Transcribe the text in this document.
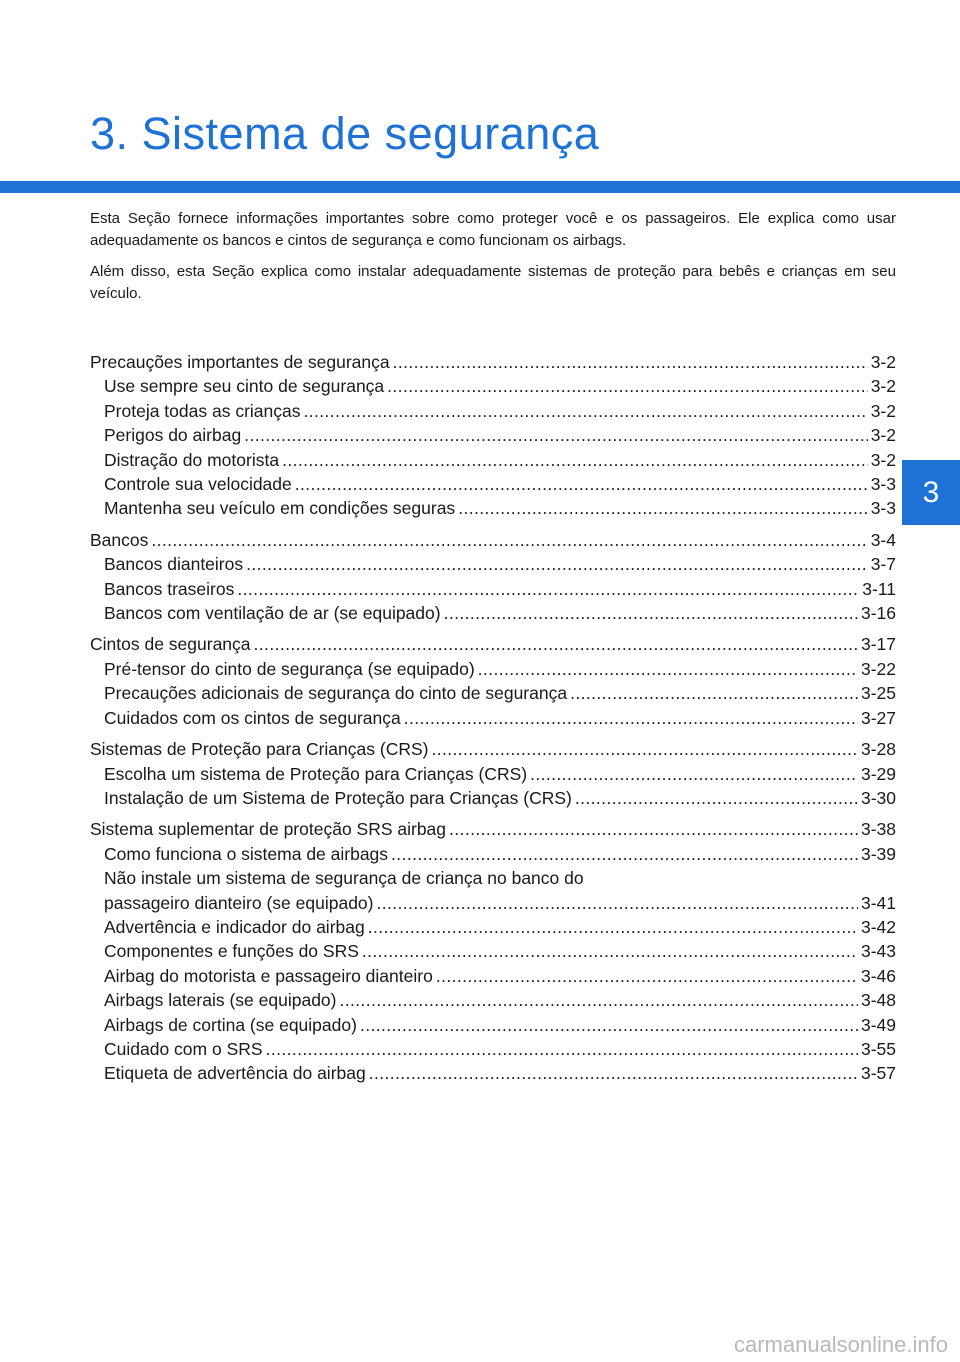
3. Sistema de segurança
3

Esta Seção fornece informações importantes sobre como proteger você e os passageiros. Ele explica como usar adequadamente os bancos e cintos de segurança e como funcionam os airbags.

Além disso, esta Seção explica como instalar adequadamente sistemas de proteção para bebês e crianças em seu veículo.

Precauções importantes de segurança .....	3-2
Use sempre seu cinto de segurança .....	3-2
Proteja todas as crianças .....	3-2
Perigos do airbag .....	3-2
Distração do motorista .....	3-2
Controle sua velocidade .....	3-3
Mantenha seu veículo em condições seguras .....	3-3
Bancos .....	3-4
Bancos dianteiros .....	3-7
Bancos traseiros .....	3-11
Bancos com ventilação de ar (se equipado) .....	3-16
Cintos de segurança .....	3-17
Pré-tensor do cinto de segurança (se equipado) .....	3-22
Precauções adicionais de segurança do cinto de segurança .....	3-25
Cuidados com os cintos de segurança .....	3-27
Sistemas de Proteção para Crianças (CRS) .....	3-28
Escolha um sistema de Proteção para Crianças (CRS) .....	3-29
Instalação de um Sistema de Proteção para Crianças (CRS) .....	3-30
Sistema suplementar de proteção SRS airbag .....	3-38
Como funciona o sistema de airbags .....	3-39
Não instale um sistema de segurança de criança no banco do
passageiro dianteiro (se equipado) .....	3-41
Advertência e indicador do airbag .....	3-42
Componentes e funções do SRS .....	3-43
Airbag do motorista e passageiro dianteiro .....	3-46
Airbags laterais (se equipado) .....	3-48
Airbags de cortina (se equipado) .....	3-49
Cuidado com o SRS .....	3-55
Etiqueta de advertência do airbag .....	3-57
carmanualsonline.info
